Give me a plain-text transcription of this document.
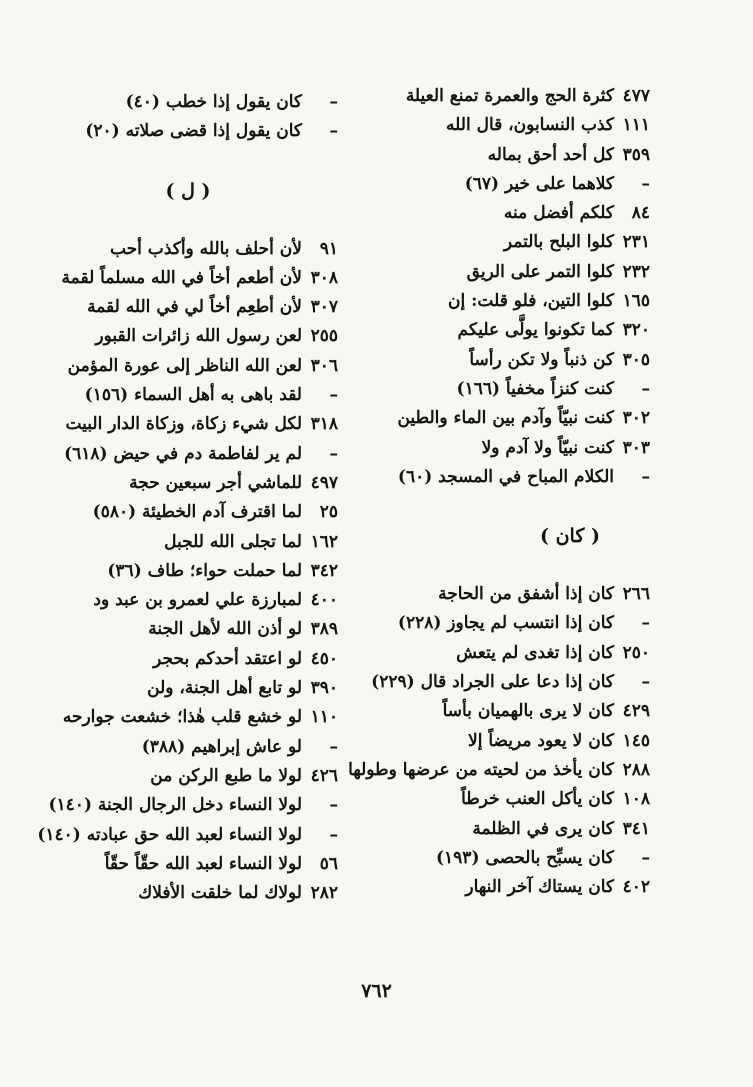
٤٧٧كثرة الحج والعمرة تمنع العيلة
١١١كذب النسابون، قال الله
٣٥٩كل أحد أحق بماله
–كلاهما على خير (٦٧)
٨٤كلكم أفضل منه
٢٣١كلوا البلح بالتمر
٢٣٢كلوا التمر على الريق
١٦٥كلوا التين، فلو قلت: إن
٣٢٠كما تكونوا يولَّى عليكم
٣٠٥كن ذنباً ولا تكن رأساً
–كنت كنزاً مخفياً (١٦٦)
٣٠٢كنت نبيّاً وآدم بين الماء والطين
٣٠٣كنت نبيّاً ولا آدم ولا
–الكلام المباح في المسجد (٦٠)
( كان )
٢٦٦كان إذا أشفق من الحاجة
–كان إذا انتسب لم يجاوز (٢٢٨)
٢٥٠كان إذا تغدى لم يتعش
–كان إذا دعا على الجراد قال (٢٢٩)
٤٢٩كان لا يرى بالهميان بأساً
١٤٥كان لا يعود مريضاً إلا
٢٨٨كان يأخذ من لحيته من عرضها وطولها
١٠٨كان يأكل العنب خرطاً
٣٤١كان يرى في الظلمة
–كان يسبِّح بالحصى (١٩٣)
٤٠٢كان يستاك آخر النهار
–كان يقول إذا خطب (٤٠)
–كان يقول إذا قضى صلاته (٢٠)
( ل )
٩١لأن أحلف بالله وأكذب أحب
٣٠٨لأن أطعم أخاً في الله مسلماً لقمة
٣٠٧لأن أطعِم أخاً لي في الله لقمة
٢٥٥لعن رسول الله زائرات القبور
٣٠٦لعن الله الناظر إلى عورة المؤمن
–لقد باهى به أهل السماء (١٥٦)
٣١٨لكل شيء زكاة، وزكاة الدار البيت
–لم ير لفاطمة دم في حيض (٦١٨)
٤٩٧للماشي أجر سبعين حجة
٢٥لما اقترف آدم الخطيئة (٥٨٠)
١٦٢لما تجلى الله للجبل
٣٤٢لما حملت حواء؛ طاف (٣٦)
٤٠٠لمبارزة علي لعمرو بن عبد ود
٣٨٩لو أذن الله لأهل الجنة
٤٥٠لو اعتقد أحدكم بحجر
٣٩٠لو تابع أهل الجنة، ولن
١١٠لو خشع قلب هٰذا؛ خشعت جوارحه
–لو عاش إبراهيم (٣٨٨)
٤٢٦لولا ما طبع الركن من
–لولا النساء دخل الرجال الجنة (١٤٠)
–لولا النساء لعبد الله حق عبادته (١٤٠)
٥٦لولا النساء لعبد الله حقّاً حقّاً
٢٨٢لولاك لما خلقت الأفلاك
٧٦٢
